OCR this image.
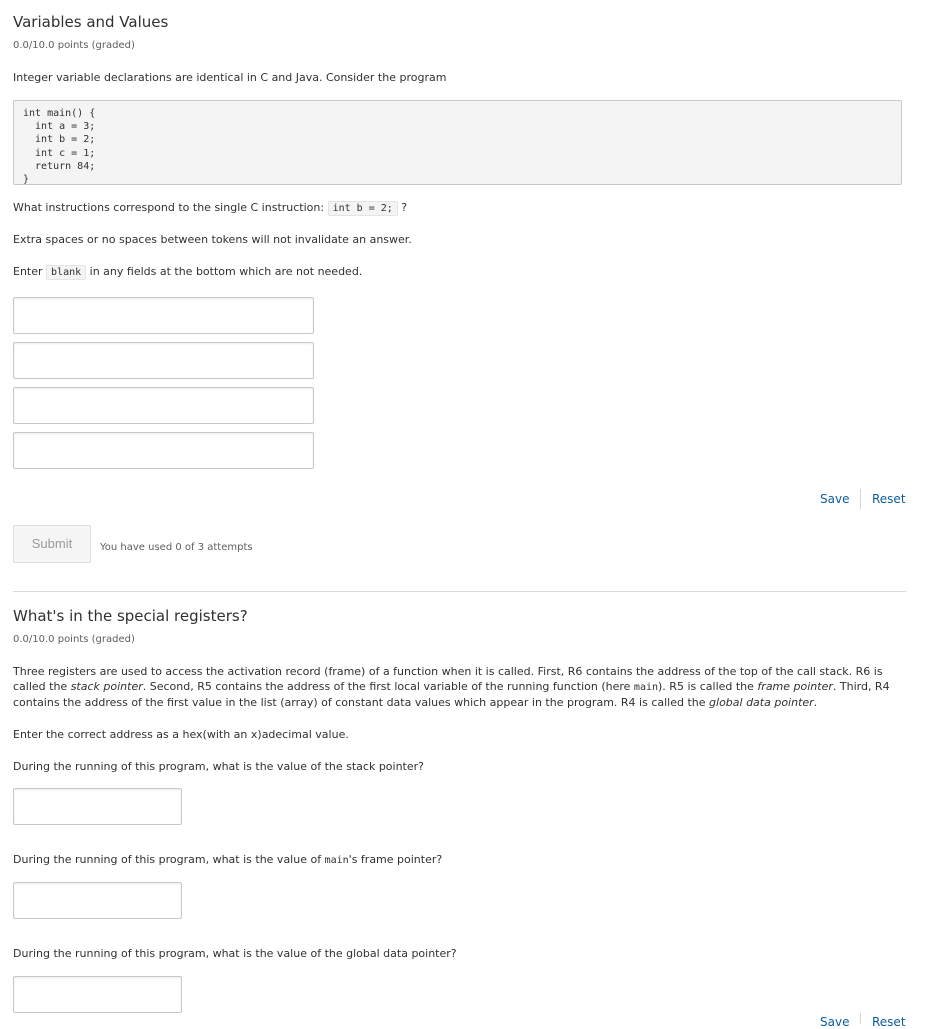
Variables and Values
0.0/10.0 points (graded)
Integer variable declarations are identical in C and Java. Consider the program
int main() {
int a = 3;
int b = 2;
int c = 1;
return 84;
}
What instructions correspond to the single C instruction: int b = 2; ?
Extra spaces or no spaces between tokens will not invalidate an answer.
Enter blank in any fields at the bottom which are not needed.
Save Reset
Submit	You have used 0 of 3 attempts
What's in the special registers?
0.0/10.0 points (graded)
Three registers are used to access the activation record (frame) of a function when it is called. First, R6 contains the address of the top of the call stack. R6 is called the stack pointer. Second, R5 contains the address of the first local variable of the running function (here main). R5 is called the frame pointer. Third, R4 contains the address of the first value in the list (array) of constant data values which appear in the program. R4 is called the global data pointer.
Enter the correct address as a hex(with an x)adecimal value.
During the running of this program, what is the value of the stack pointer?
During the running of this program, what is the value of main's frame pointer?
During the running of this program, what is the value of the global data pointer?
Save Reset
